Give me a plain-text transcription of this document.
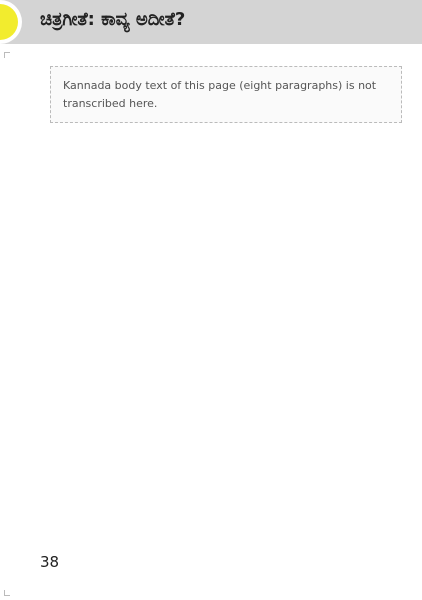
ಚಿತ್ರಗೀತೆ: ಕಾವ್ಯ ಅದೀತೆ?

Kannada body text of this page (eight paragraphs) is not transcribed here.

38
